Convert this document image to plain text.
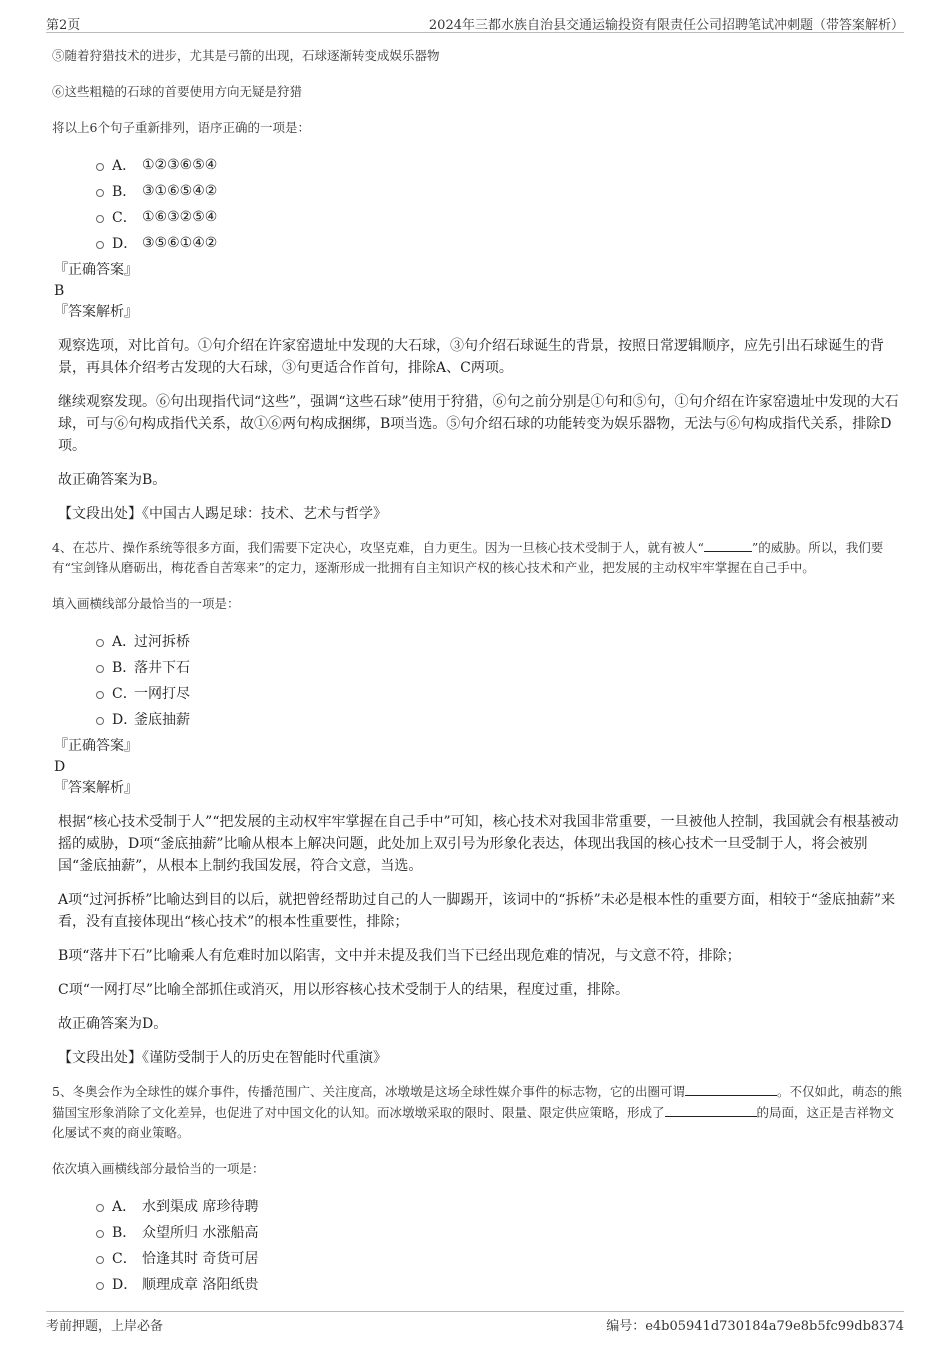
第2页	2024年三都水族自治县交通运输投资有限责任公司招聘笔试冲刺题（带答案解析）
⑤随着狩猎技术的进步，尤其是弓箭的出现，石球逐渐转变成娱乐器物
⑥这些粗糙的石球的首要使用方向无疑是狩猎
将以上6个句子重新排列，语序正确的一项是：
A． ①②③⑥⑤④
B． ③①⑥⑤④②
C． ①⑥③②⑤④
D． ③⑤⑥①④②
『正确答案』
B
『答案解析』

观察选项，对比首句。①句介绍在许家窑遗址中发现的大石球，③句介绍石球诞生的背景，按照日常逻辑顺序，应先引出石球诞生的背景，再具体介绍考古发现的大石球，③句更适合作首句，排除A、C两项。

继续观察发现。⑥句出现指代词“这些”，强调“这些石球”使用于狩猎，⑥句之前分别是①句和⑤句，①句介绍在许家窑遗址中发现的大石球，可与⑥句构成指代关系，故①⑥两句构成捆绑，B项当选。⑤句介绍石球的功能转变为娱乐器物，无法与⑥句构成指代关系，排除D项。

故正确答案为B。

【文段出处】《中国古人踢足球：技术、艺术与哲学》
4、在芯片、操作系统等很多方面，我们需要下定决心，攻坚克难，自力更生。因为一旦核心技术受制于人，就有被人“	”的威胁。所以，我们要有“宝剑锋从磨砺出，梅花香自苦寒来”的定力，逐渐形成一批拥有自主知识产权的核心技术和产业，把发展的主动权牢牢掌握在自己手中。
填入画横线部分最恰当的一项是：
A．
过河拆桥
B．
落井下石
C．
一网打尽
D．
釜底抽薪
『正确答案』
D
『答案解析』

根据“核心技术受制于人”“把发展的主动权牢牢掌握在自己手中”可知，核心技术对我国非常重要，一旦被他人控制，我国就会有根基被动摇的威胁，D项“釜底抽薪”比喻从根本上解决问题，此处加上双引号为形象化表达，体现出我国的核心技术一旦受制于人，将会被别国“釜底抽薪”，从根本上制约我国发展，符合文意，当选。

A项“过河拆桥”比喻达到目的以后，就把曾经帮助过自己的人一脚踢开，该词中的“拆桥”未必是根本性的重要方面，相较于“釜底抽薪”来看，没有直接体现出“核心技术”的根本性重要性，排除；

B项“落井下石”比喻乘人有危难时加以陷害，文中并未提及我们当下已经出现危难的情况，与文意不符，排除；

C项“一网打尽”比喻全部抓住或消灭，用以形容核心技术受制于人的结果，程度过重，排除。

故正确答案为D。

【文段出处】《谨防受制于人的历史在智能时代重演》
5、冬奥会作为全球性的媒介事件，传播范围广、关注度高，冰墩墩是这场全球性媒介事件的标志物，它的出圈可谓	。不仅如此，萌态的熊猫国宝形象消除了文化差异，也促进了对中国文化的认知。而冰墩墩采取的限时、限量、限定供应策略，形成了	的局面，这正是吉祥物文化屡试不爽的商业策略。
依次填入画横线部分最恰当的一项是：
A． 水到渠成 席珍待聘
B． 众望所归 水涨船高
C． 恰逢其时 奇货可居
D． 顺理成章 洛阳纸贵
考前押题，上岸必备	编号：e4b05941d730184a79e8b5fc99db8374
